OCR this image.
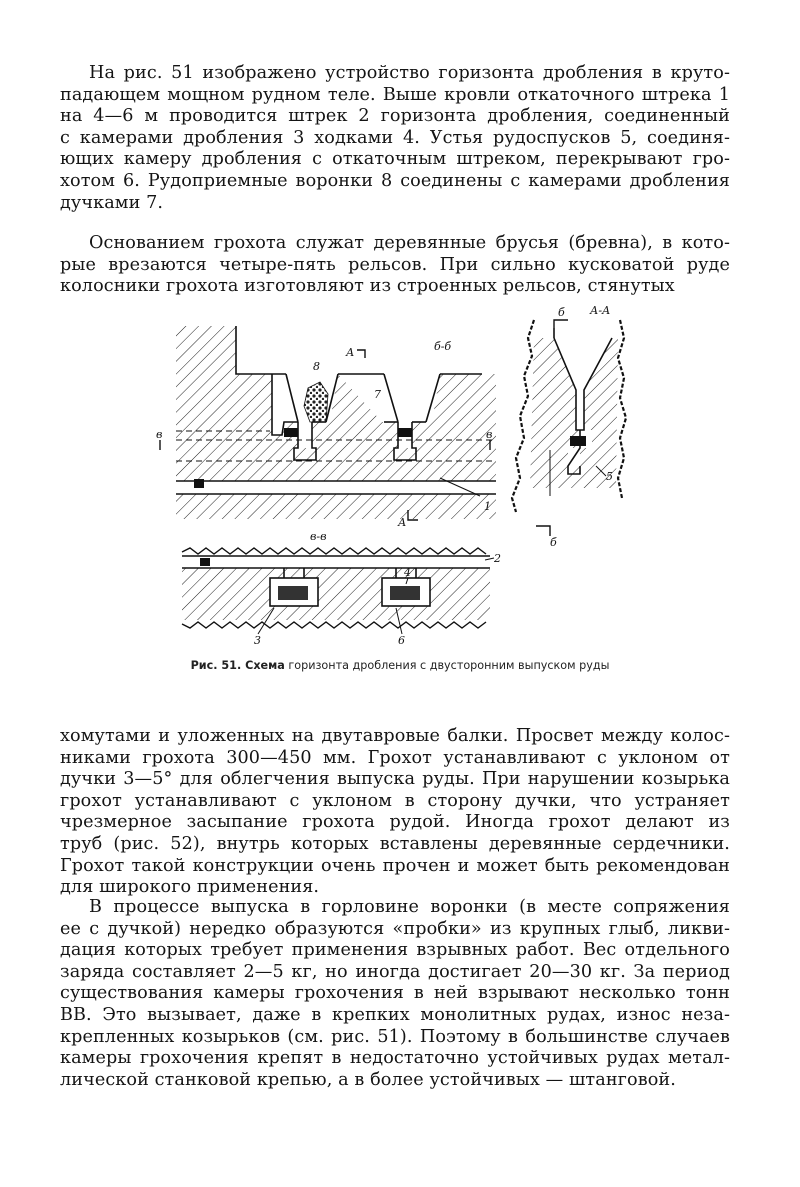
На рис. 51 изображено устройство горизонта дробления в круто-
падающем мощном рудном теле. Выше кровли откаточного штрека 1
на 4—6 м проводится штрек 2 горизонта дробления, соединенный
с камерами дробления 3 ходками 4. Устья рудоспусков 5, соединя-
ющих камеру дробления с откаточным штреком, перекрывают гро-
хотом 6. Рудоприемные воронки 8 соединены с камерами дробления
дучками 7.
Основанием грохота служат деревянные брусья (бревна), в кото-
рые врезаются четыре-пять рельсов. При сильно кусковатой руде
колосники грохота изготовляют из строенных рельсов, стянутых
хомутами и уложенных на двутавровые балки. Просвет между колос-
никами грохота 300—450 мм. Грохот устанавливают с уклоном от
дучки 3—5° для облегчения выпуска руды. При нарушении козырька
грохот устанавливают с уклоном в сторону дучки, что устраняет
чрезмерное засыпание грохота рудой. Иногда грохот делают из
труб (рис. 52), внутрь которых вставлены деревянные сердечники.
Грохот такой конструкции очень прочен и может быть рекомендован
для широкого применения.
В процессе выпуска в горловине воронки (в месте сопряжения
ее с дучкой) нередко образуются «пробки» из крупных глыб, ликви-
дация которых требует применения взрывных работ. Вес отдельного
заряда составляет 2—5 кг, но иногда достигает 20—30 кг. За период
существования камеры грохочения в ней взрывают несколько тонн
ВВ. Это вызывает, даже в крепких монолитных рудах, износ неза-
крепленных козырьков (см. рис. 51). Поэтому в большинстве случаев
камеры грохочения крепят в недостаточно устойчивых рудах метал-
лической станковой крепью, а в более устойчивых — штанговой.
б-б
А
А
в	в
8
7
1
А-А
б
б
5
в-в
2
4
3	6
Рис. 51. Схема горизонта дробления с двусторонним выпуском руды
